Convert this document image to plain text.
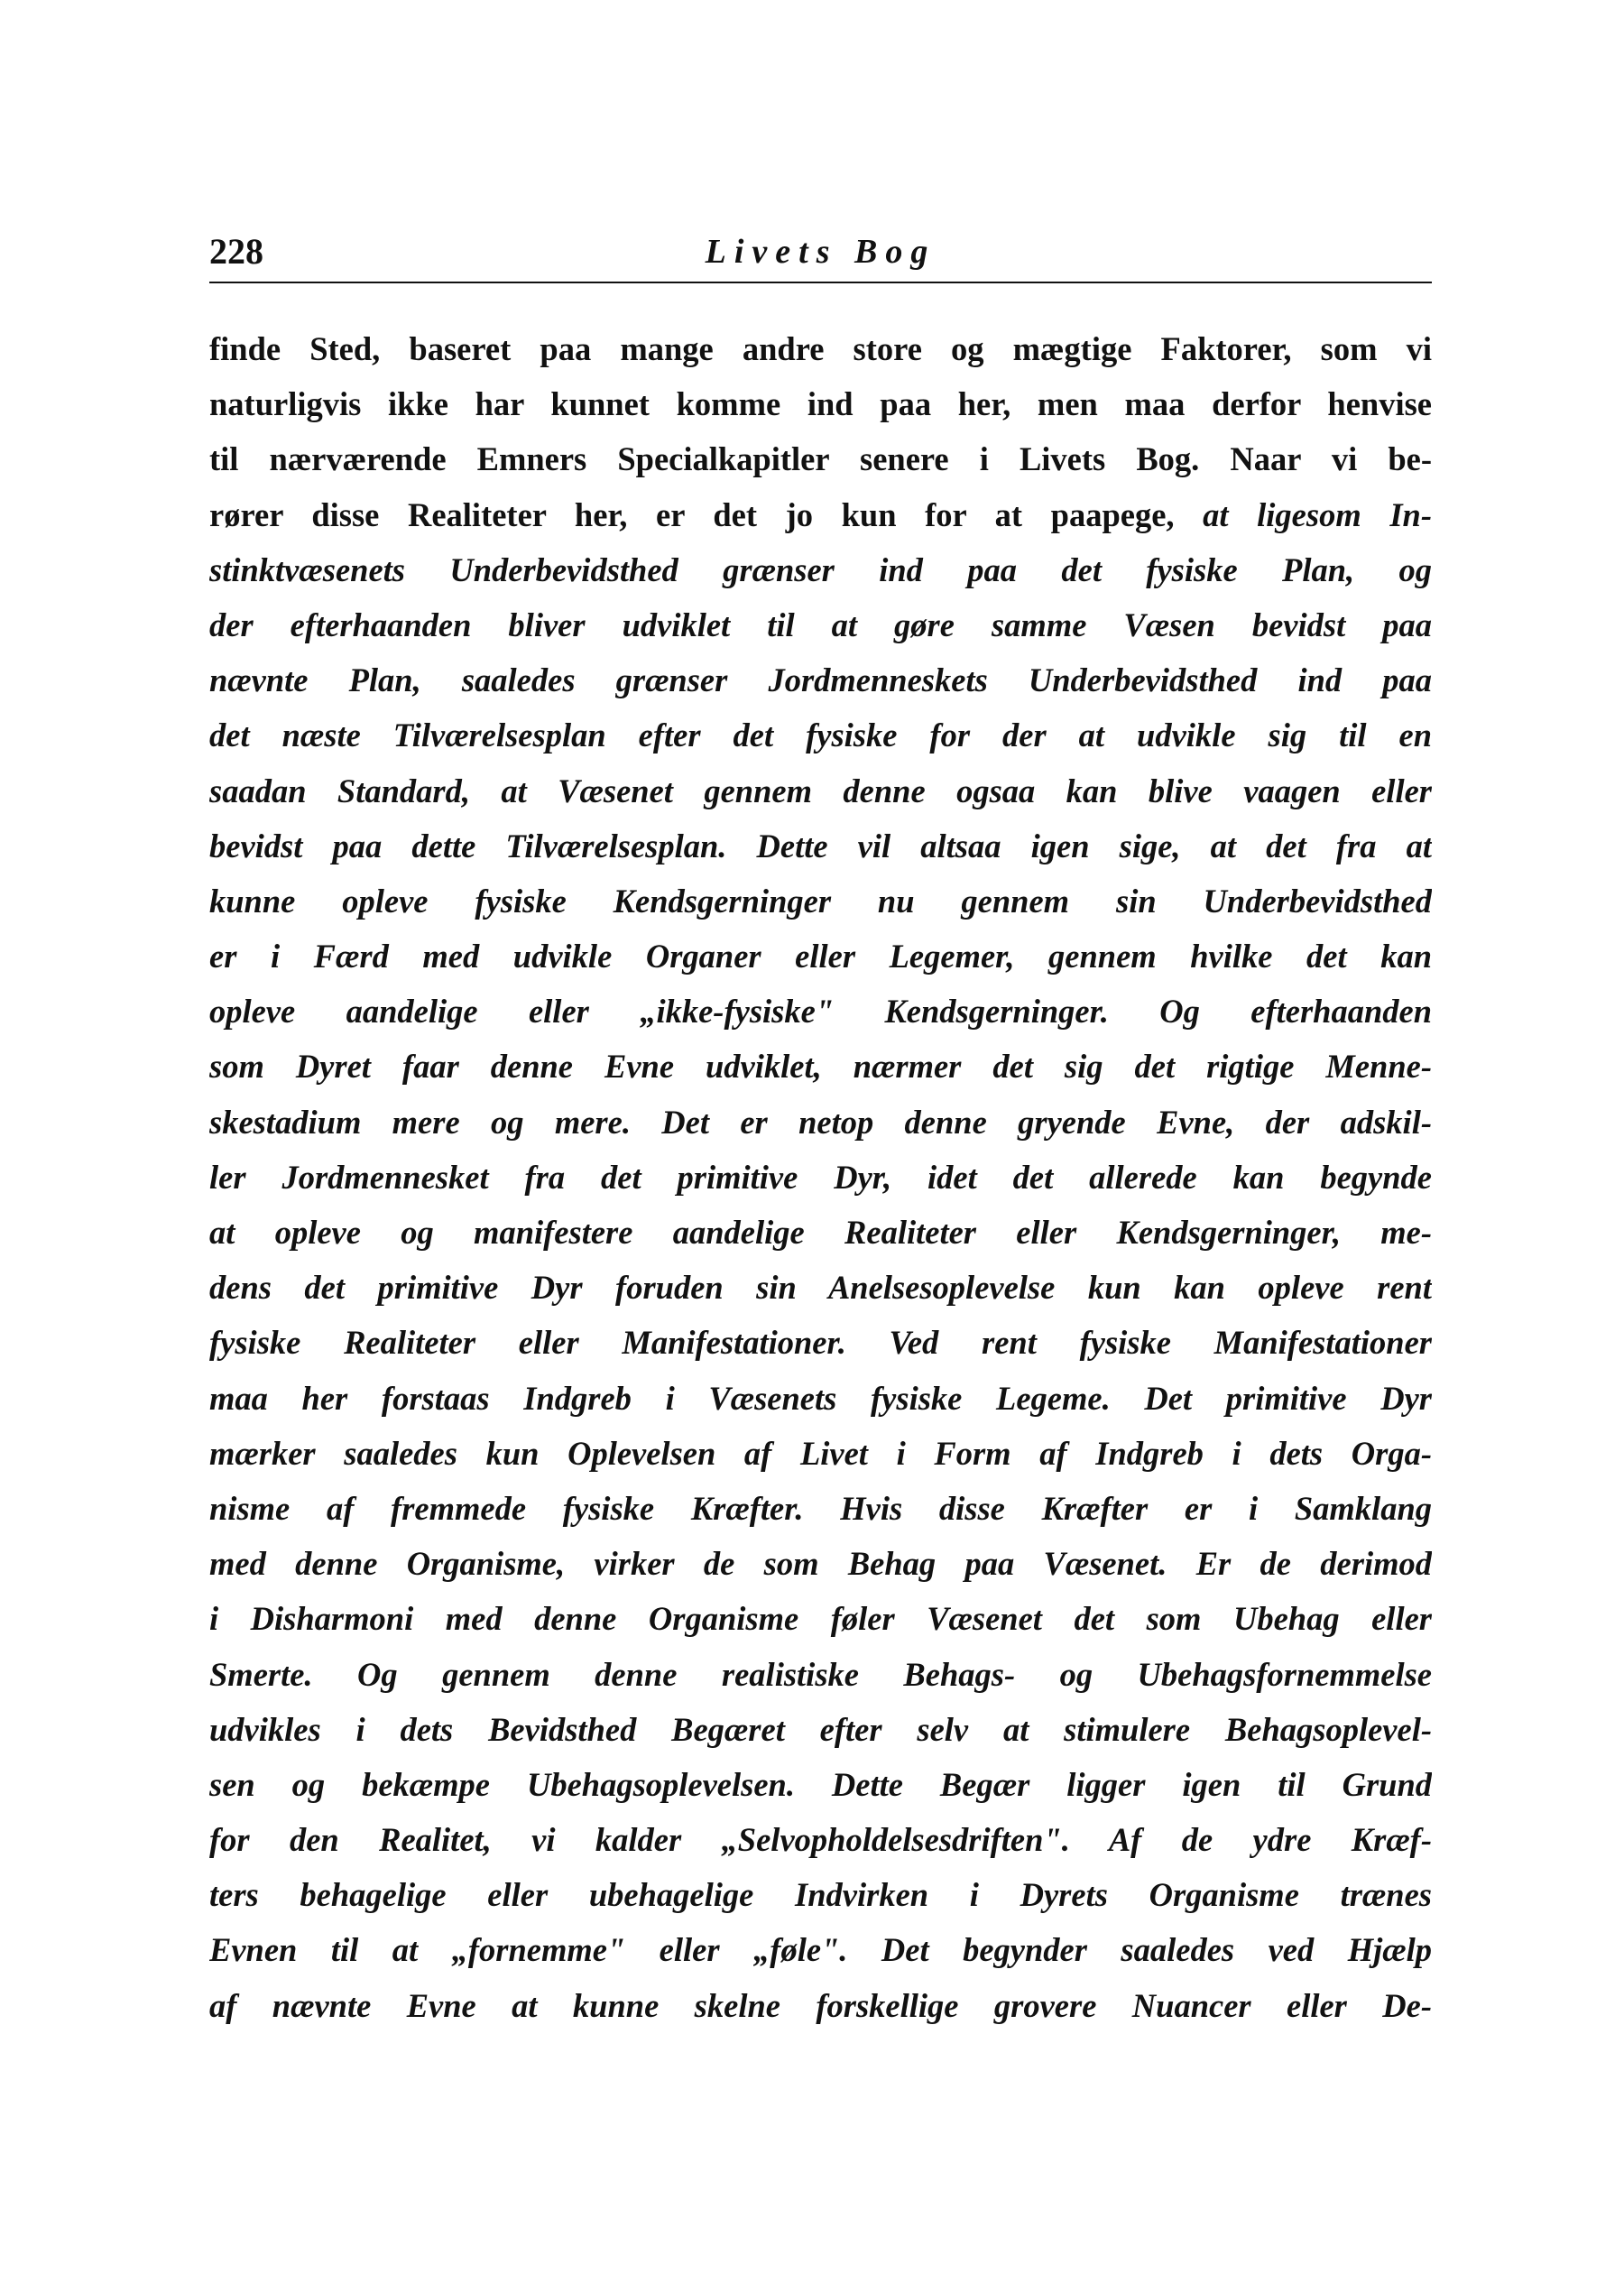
228	Livets Bog
finde Sted, baseret paa mange andre store og mægtige Faktorer, som vi
naturligvis ikke har kunnet komme ind paa her, men maa derfor henvise
til nærværende Emners Specialkapitler senere i Livets Bog. Naar vi be-
rører disse Realiteter her, er det jo kun for at paapege, at ligesom In-
stinktvæsenets Underbevidsthed grænser ind paa det fysiske Plan, og
der efterhaanden bliver udviklet til at gøre samme Væsen bevidst paa
nævnte Plan, saaledes grænser Jordmenneskets Underbevidsthed ind paa
det næste Tilværelsesplan efter det fysiske for der at udvikle sig til en
saadan Standard, at Væsenet gennem denne ogsaa kan blive vaagen eller
bevidst paa dette Tilværelsesplan. Dette vil altsaa igen sige, at det fra at
kunne opleve fysiske Kendsgerninger nu gennem sin Underbevidsthed
er i Færd med udvikle Organer eller Legemer, gennem hvilke det kan
opleve aandelige eller „ikke-fysiske" Kendsgerninger. Og efterhaanden
som Dyret faar denne Evne udviklet, nærmer det sig det rigtige Menne-
skestadium mere og mere. Det er netop denne gryende Evne, der adskil-
ler Jordmennesket fra det primitive Dyr, idet det allerede kan begynde
at opleve og manifestere aandelige Realiteter eller Kendsgerninger, me-
dens det primitive Dyr foruden sin Anelsesoplevelse kun kan opleve rent
fysiske Realiteter eller Manifestationer. Ved rent fysiske Manifestationer
maa her forstaas Indgreb i Væsenets fysiske Legeme. Det primitive Dyr
mærker saaledes kun Oplevelsen af Livet i Form af Indgreb i dets Orga-
nisme af fremmede fysiske Kræfter. Hvis disse Kræfter er i Samklang
med denne Organisme, virker de som Behag paa Væsenet. Er de derimod
i Disharmoni med denne Organisme føler Væsenet det som Ubehag eller
Smerte. Og gennem denne realistiske Behags- og Ubehagsfornemmelse
udvikles i dets Bevidsthed Begæret efter selv at stimulere Behagsoplevel-
sen og bekæmpe Ubehagsoplevelsen. Dette Begær ligger igen til Grund
for den Realitet, vi kalder „Selvopholdelsesdriften". Af de ydre Kræf-
ters behagelige eller ubehagelige Indvirken i Dyrets Organisme trænes
Evnen til at „fornemme" eller „føle". Det begynder saaledes ved Hjælp
af nævnte Evne at kunne skelne forskellige grovere Nuancer eller De-
